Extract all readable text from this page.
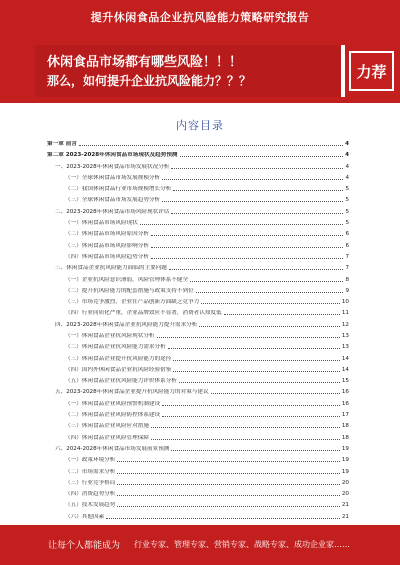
提升休闲食品企业抗风险能力策略研究报告
休闲食品市场都有哪些风险！！！
那么，如何提升企业抗风险能力？？？
力荐
内容目录
第一章 前言	4
第二章 2023-2028年休闲食品市场现状及趋势预测	4
一、2023-2028年休闲食品市场发展状况分析	4
（一）全球休闲食品市场发展规模分析	4
（二）我国休闲食品行业市场规模增长分析	5
（三）全球休闲食品市场发展趋势分析	5
二、2023-2028年休闲食品市场风险现状评估	5
（一）休闲食品市场风险现状	5
（二）休闲食品市场风险原因分析	6
（三）休闲食品市场风险影响分析	6
（四）休闲食品市场风险趋势分析	7
三、休闲食品企业抗风险能力面临的主要问题	7
（一）企业抗风险意识薄弱，风险管理体系不健全	8
（二）提升抗风险能力的配套措施与政策支持不到位	9
（三）市场竞争激烈，企业在产品创新方面缺乏竞争力	10
（四）行业同质化严重，企业品牌效应不显著，消费者认知度低	11
四、2023-2028年休闲食品企业抗风险能力提升需求分析	12
（一）休闲食品企业抗风险现状分析	13
（二）休闲食品企业抗风险能力需求分析	13
（三）休闲食品企业提升抗风险能力的途径	14
（四）国内外休闲食品企业抗风险经验借鉴	14
（五）休闲食品企业抗风险能力评价体系分析	15
五、2023-2028年休闲食品企业提升抗风险能力的对策与建议	16
（一）休闲食品企业风险预警机制建设	16
（二）休闲食品企业风险防控体系建设	17
（三）休闲食品企业风险应对措施	18
（四）休闲食品企业风险管理保障	18
六、2024-2028年休闲食品市场发展前景预测	19
（一）政策环境分析	19
（二）市场需求分析	19
（三）行业竞争格局	20
（四）消费趋势分析	20
（五）技术发展趋势	21
（六）其他因素	21
让每个人都能成为 行业专家、管理专家、营销专家、战略专家、成功企业家……
